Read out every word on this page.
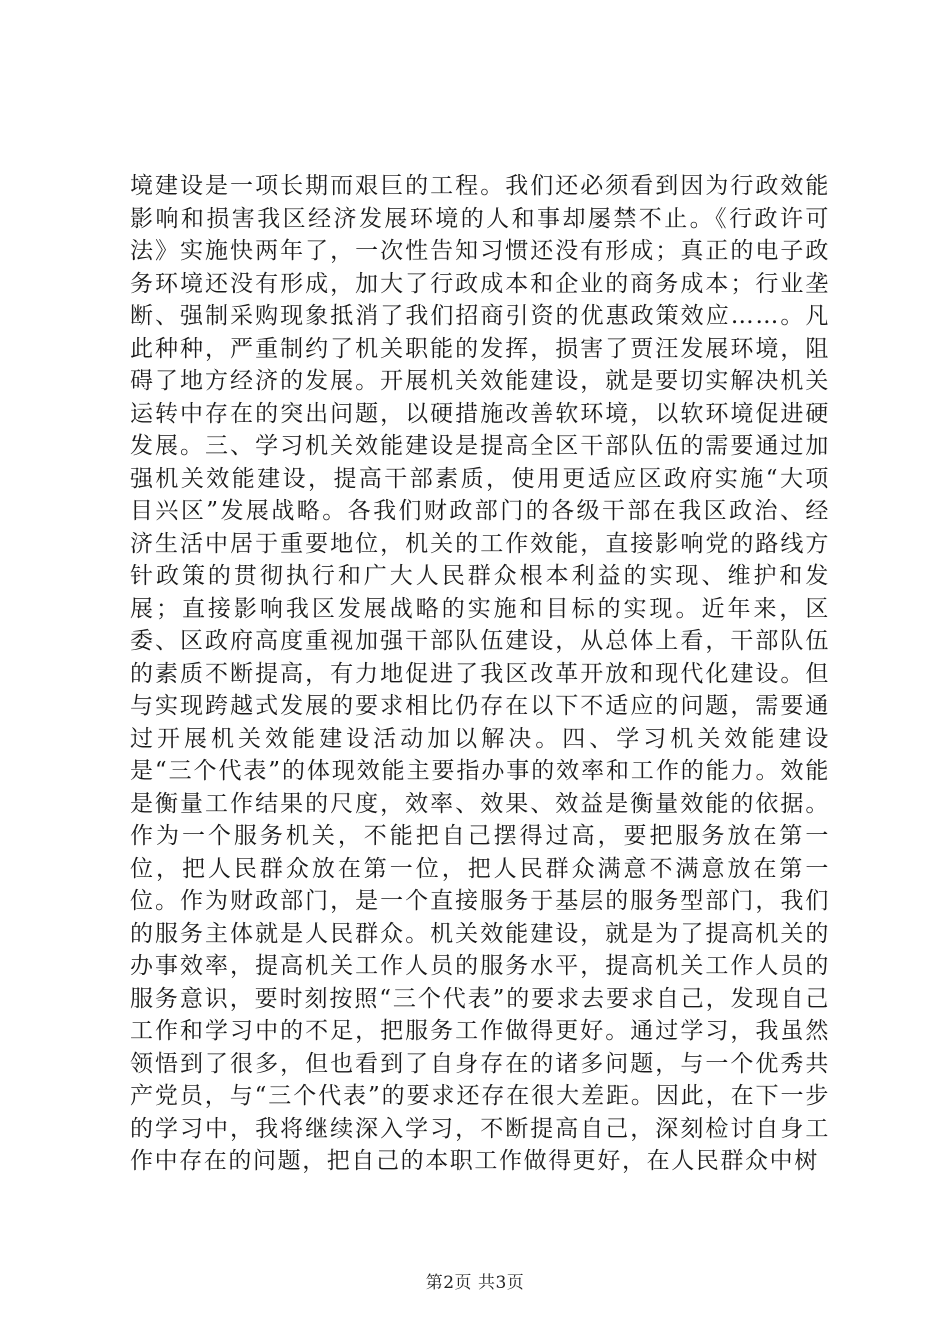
境建设是一项长期而艰巨的工程。我们还必须看到因为行政效能影响和损害我区经济发展环境的人和事却屡禁不止。《行政许可法》实施快两年了，一次性告知习惯还没有形成；真正的电子政务环境还没有形成，加大了行政成本和企业的商务成本；行业垄断、强制采购现象抵消了我们招商引资的优惠政策效应……。凡此种种，严重制约了机关职能的发挥，损害了贾汪发展环境，阻碍了地方经济的发展。开展机关效能建设，就是要切实解决机关运转中存在的突出问题，以硬措施改善软环境，以软环境促进硬发展。三、学习机关效能建设是提高全区干部队伍的需要通过加强机关效能建设，提高干部素质，使用更适应区政府实施“大项目兴区”发展战略。各我们财政部门的各级干部在我区政治、经济生活中居于重要地位，机关的工作效能，直接影响党的路线方针政策的贯彻执行和广大人民群众根本利益的实现、维护和发展；直接影响我区发展战略的实施和目标的实现。近年来，区委、区政府高度重视加强干部队伍建设，从总体上看，干部队伍的素质不断提高，有力地促进了我区改革开放和现代化建设。但与实现跨越式发展的要求相比仍存在以下不适应的问题，需要通过开展机关效能建设活动加以解决。四、学习机关效能建设是“三个代表”的体现效能主要指办事的效率和工作的能力。效能是衡量工作结果的尺度，效率、效果、效益是衡量效能的依据。作为一个服务机关，不能把自己摆得过高，要把服务放在第一位，把人民群众放在第一位，把人民群众满意不满意放在第一位。作为财政部门，是一个直接服务于基层的服务型部门，我们的服务主体就是人民群众。机关效能建设，就是为了提高机关的办事效率，提高机关工作人员的服务水平，提高机关工作人员的服务意识，要时刻按照“三个代表”的要求去要求自己，发现自己工作和学习中的不足，把服务工作做得更好。通过学习，我虽然领悟到了很多，但也看到了自身存在的诸多问题，与一个优秀共产党员，与“三个代表”的要求还存在很大差距。因此，在下一步的学习中，我将继续深入学习，不断提高自己，深刻检讨自身工作中存在的问题，把自己的本职工作做得更好，在人民群众中树

第2页 共3页
